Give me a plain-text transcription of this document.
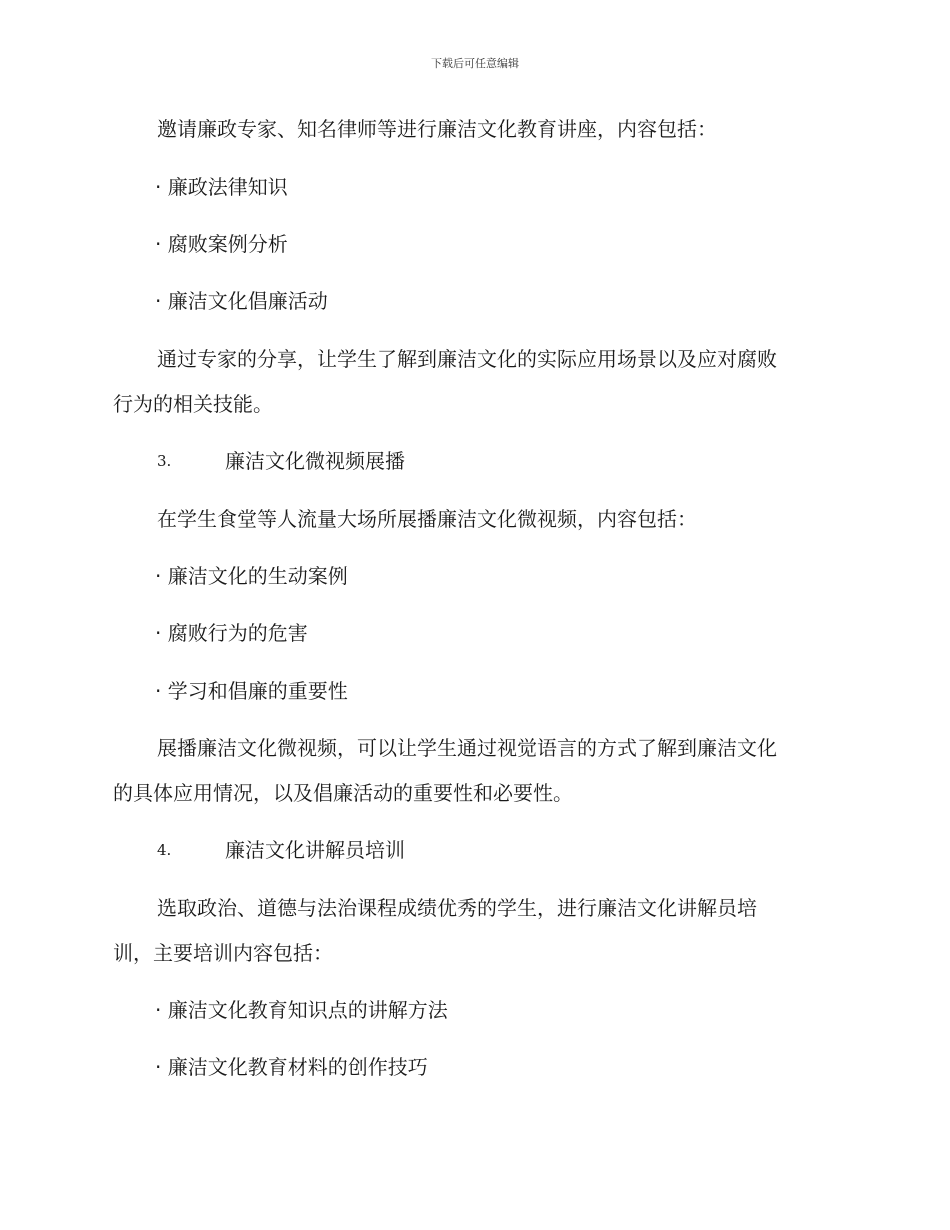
下载后可任意编辑
邀请廉政专家、知名律师等进行廉洁文化教育讲座，内容包括：
· 廉政法律知识
· 腐败案例分析
· 廉洁文化倡廉活动
通过专家的分享，让学生了解到廉洁文化的实际应用场景以及应对腐败
行为的相关技能。
3.	廉洁文化微视频展播
在学生食堂等人流量大场所展播廉洁文化微视频，内容包括：
· 廉洁文化的生动案例
· 腐败行为的危害
· 学习和倡廉的重要性
展播廉洁文化微视频，可以让学生通过视觉语言的方式了解到廉洁文化
的具体应用情况，以及倡廉活动的重要性和必要性。
4.	廉洁文化讲解员培训
选取政治、道德与法治课程成绩优秀的学生，进行廉洁文化讲解员培
训，主要培训内容包括：
· 廉洁文化教育知识点的讲解方法
· 廉洁文化教育材料的创作技巧
